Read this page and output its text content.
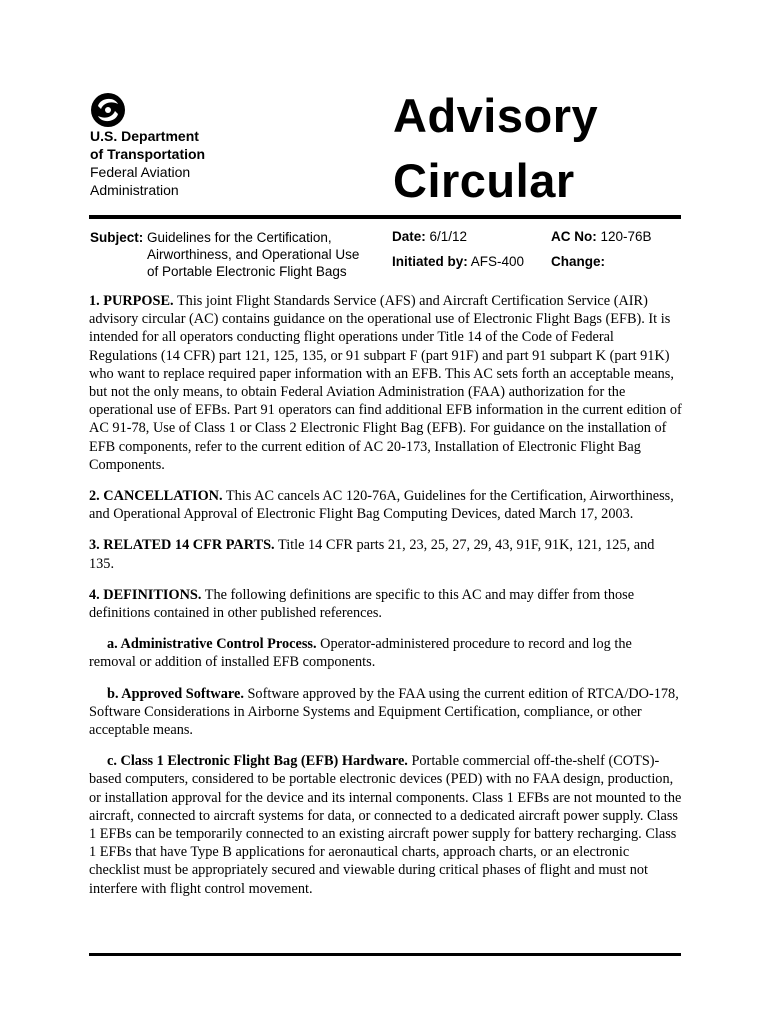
U.S. Department
of Transportation
Federal Aviation
Administration
Advisory
Circular
Subject: Guidelines for the Certification,
Airworthiness, and Operational Use
of Portable Electronic Flight Bags
Date: 6/1/12
Initiated by: AFS-400
AC No: 120-76B
Change:

1. PURPOSE. This joint Flight Standards Service (AFS) and Aircraft Certification Service (AIR) advisory circular (AC) contains guidance on the operational use of Electronic Flight Bags (EFB). It is intended for all operators conducting flight operations under Title 14 of the Code of Federal Regulations (14 CFR) part 121, 125, 135, or 91 subpart F (part 91F) and part 91 subpart K (part 91K) who want to replace required paper information with an EFB. This AC sets forth an acceptable means, but not the only means, to obtain Federal Aviation Administration (FAA) authorization for the operational use of EFBs. Part 91 operators can find additional EFB information in the current edition of AC 91-78, Use of Class 1 or Class 2 Electronic Flight Bag (EFB). For guidance on the installation of EFB components, refer to the current edition of AC 20-173, Installation of Electronic Flight Bag Components.

2. CANCELLATION. This AC cancels AC 120-76A, Guidelines for the Certification, Airworthiness, and Operational Approval of Electronic Flight Bag Computing Devices, dated March 17, 2003.

3. RELATED 14 CFR PARTS. Title 14 CFR parts 21, 23, 25, 27, 29, 43, 91F, 91K, 121, 125, and 135.

4. DEFINITIONS. The following definitions are specific to this AC and may differ from those definitions contained in other published references.

a. Administrative Control Process. Operator-administered procedure to record and log the removal or addition of installed EFB components.

b. Approved Software. Software approved by the FAA using the current edition of RTCA/DO-178, Software Considerations in Airborne Systems and Equipment Certification, compliance, or other acceptable means.

c. Class 1 Electronic Flight Bag (EFB) Hardware. Portable commercial off-the-shelf (COTS)-based computers, considered to be portable electronic devices (PED) with no FAA design, production, or installation approval for the device and its internal components. Class 1 EFBs are not mounted to the aircraft, connected to aircraft systems for data, or connected to a dedicated aircraft power supply. Class 1 EFBs can be temporarily connected to an existing aircraft power supply for battery recharging. Class 1 EFBs that have Type B applications for aeronautical charts, approach charts, or an electronic checklist must be appropriately secured and viewable during critical phases of flight and must not interfere with flight control movement.
